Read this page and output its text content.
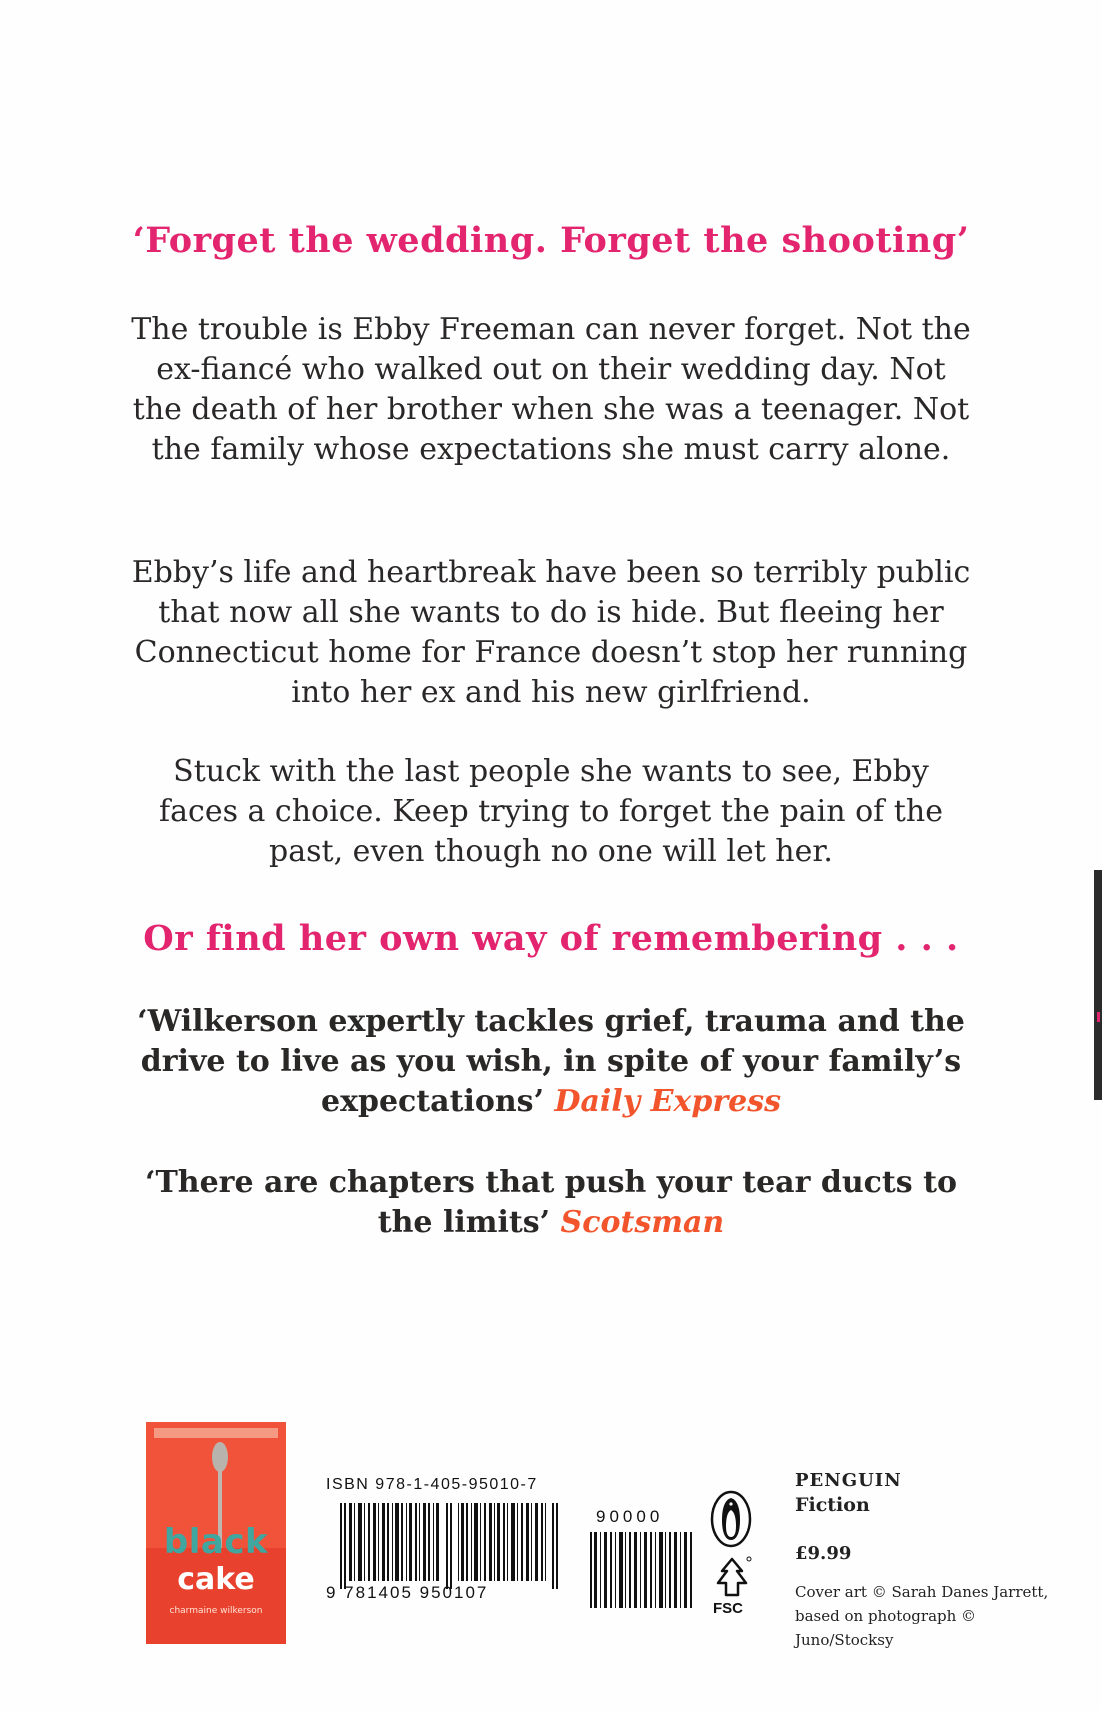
‘Forget the wedding. Forget the shooting’
The trouble is Ebby Freeman can never forget. Not the ex-fiancé who walked out on their wedding day. Not the death of her brother when she was a teenager. Not the family whose expectations she must carry alone.
Ebby’s life and heartbreak have been so terribly public that now all she wants to do is hide. But fleeing her Connecticut home for France doesn’t stop her running into her ex and his new girlfriend.
Stuck with the last people she wants to see, Ebby faces a choice. Keep trying to forget the pain of the past, even though no one will let her.
Or find her own way of remembering . . .
‘Wilkerson expertly tackles grief, trauma and the drive to live as you wish, in spite of your family’s expectations’ Daily Express
‘There are chapters that push your tear ducts to the limits’ Scotsman
black
cake
charmaine wilkerson
ISBN 978-1-405-95010-7
9 781405 950107
90000
FSC
PENGUIN
Fiction
£9.99
Cover art © Sarah Danes Jarrett, based on photograph © Juno/Stocksy
